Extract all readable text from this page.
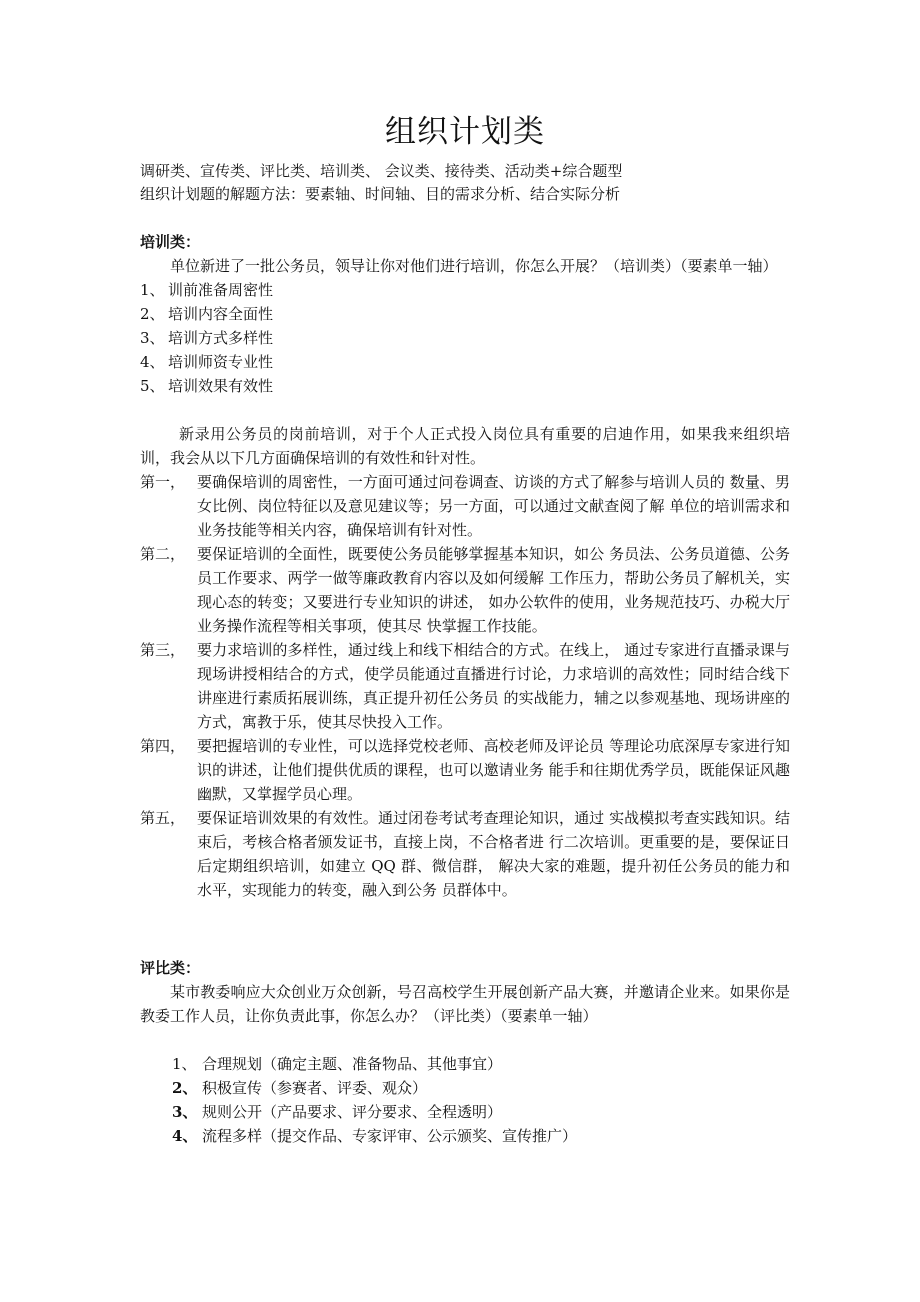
组织计划类
调研类、宣传类、评比类、培训类、 会议类、接待类、活动类+综合题型
组织计划题的解题方法：要素轴、时间轴、目的需求分析、结合实际分析
培训类：
单位新进了一批公务员，领导让你对他们进行培训，你怎么开展？（培训类）（要素单一轴）
1、 训前准备周密性
2、 培训内容全面性
3、 培训方式多样性
4、 培训师资专业性
5、 培训效果有效性
新录用公务员的岗前培训，对于个人正式投入岗位具有重要的启迪作用，如果我来组织培训，我会从以下几方面确保培训的有效性和针对性。
第一， 要确保培训的周密性，一方面可通过问卷调查、访谈的方式了解参与培训人员的 数量、男女比例、岗位特征以及意见建议等；另一方面，可以通过文献查阅了解 单位的培训需求和业务技能等相关内容，确保培训有针对性。
第二， 要保证培训的全面性，既要使公务员能够掌握基本知识，如公 务员法、公务员道德、公务员工作要求、两学一做等廉政教育内容以及如何缓解 工作压力，帮助公务员了解机关，实现心态的转变；又要进行专业知识的讲述， 如办公软件的使用，业务规范技巧、办税大厅业务操作流程等相关事项，使其尽 快掌握工作技能。
第三， 要力求培训的多样性，通过线上和线下相结合的方式。在线上， 通过专家进行直播录课与现场讲授相结合的方式，使学员能通过直播进行讨论，力求培训的高效性；同时结合线下讲座进行素质拓展训练，真正提升初任公务员 的实战能力，辅之以参观基地、现场讲座的方式，寓教于乐，使其尽快投入工作。
第四， 要把握培训的专业性，可以选择党校老师、高校老师及评论员 等理论功底深厚专家进行知识的讲述，让他们提供优质的课程，也可以邀请业务 能手和往期优秀学员，既能保证风趣幽默，又掌握学员心理。
第五， 要保证培训效果的有效性。通过闭卷考试考查理论知识，通过 实战模拟考查实践知识。结束后，考核合格者颁发证书，直接上岗，不合格者进 行二次培训。更重要的是，要保证日后定期组织培训，如建立 QQ 群、微信群， 解决大家的难题，提升初任公务员的能力和水平，实现能力的转变，融入到公务 员群体中。
评比类：
某市教委响应大众创业万众创新，号召高校学生开展创新产品大赛，并邀请企业来。如果你是教委工作人员，让你负责此事，你怎么办？（评比类）（要素单一轴）
1、 合理规划（确定主题、准备物品、其他事宜）
2、 积极宣传（参赛者、评委、观众）
3、 规则公开（产品要求、评分要求、全程透明）
4、 流程多样（提交作品、专家评审、公示颁奖、宣传推广）
